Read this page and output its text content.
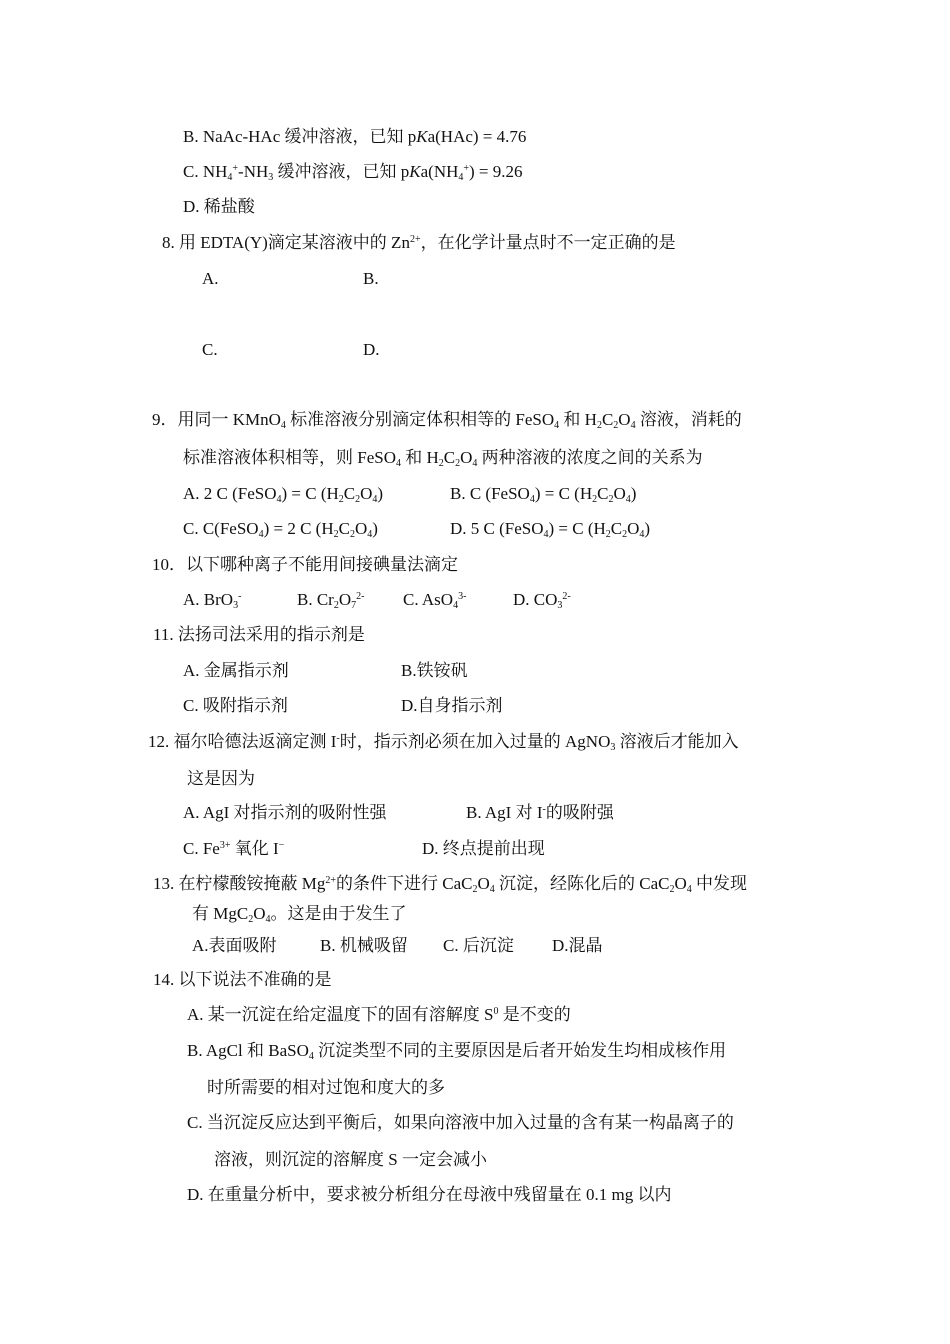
B. NaAc-HAc 缓冲溶液，已知 pKa(HAc) = 4.76
C. $NH_4^+-NH_3$ 缓冲溶液，已知 $pKa(NH_4^+) = 9.26$
D. 稀盐酸
8. 用 EDTA(Y)滴定某溶液中的 $Zn^{2+}$，在化学计量点时不一定正确的是
A.	B.
C.	D.
9．用同一 KMnO$_4$ 标准溶液分别滴定体积相等的 FeSO$_4$ 和 $H_2C_2O_4$ 溶液，消耗的
标准溶液体积相等，则 FeSO$_4$ 和 $H_2C_2O_4$ 两种溶液的浓度之间的关系为
A. 2 C (FeSO$_4$) = C $(H_2C_2O_4)$	B. C (FeSO$_4$) = C $(H_2C_2O_4)$
C. C(FeSO$_4$) = 2 C $(H_2C_2O_4)$	D. 5 C (FeSO$_4$) = C $(H_2C_2O_4)$
10．以下哪种离子不能用间接碘量法滴定
A. BrO$_3$-	B. $Cr_2O_7^{2-}$ C. AsO$_4^{3-}$	D. $CO_3^{2-}$
11. 法扬司法采用的指示剂是
A. 金属指示剂	B.铁铵矾
C. 吸附指示剂	D.自身指示剂
12. 福尔哈德法返滴定测 I-时，指示剂必须在加入过量的 AgNO$_3$ 溶液后才能加入
这是因为
A. AgI 对指示剂的吸附性强	B. AgI 对 I-的吸附强
C. $Fe^{3+}$ 氧化 I−	D. 终点提前出现
13. 在柠檬酸铵掩蔽 $Mg^{2+}$的条件下进行 $CaC_2O_4$ 沉淀，经陈化后的 $CaC_2O_4$ 中发现
有 $MgC_2O_4$。这是由于发生了
A.表面吸附	B. 机械吸留 C. 后沉淀 D.混晶
14. 以下说法不准确的是
A. 某一沉淀在给定温度下的固有溶解度 $S^0$ 是不变的
B. AgCl 和 BaSO$_4$ 沉淀类型不同的主要原因是后者开始发生均相成核作用
时所需要的相对过饱和度大的多
C. 当沉淀反应达到平衡后，如果向溶液中加入过量的含有某一构晶离子的
溶液，则沉淀的溶解度 S 一定会减小
D. 在重量分析中，要求被分析组分在母液中残留量在 0.1 mg 以内
